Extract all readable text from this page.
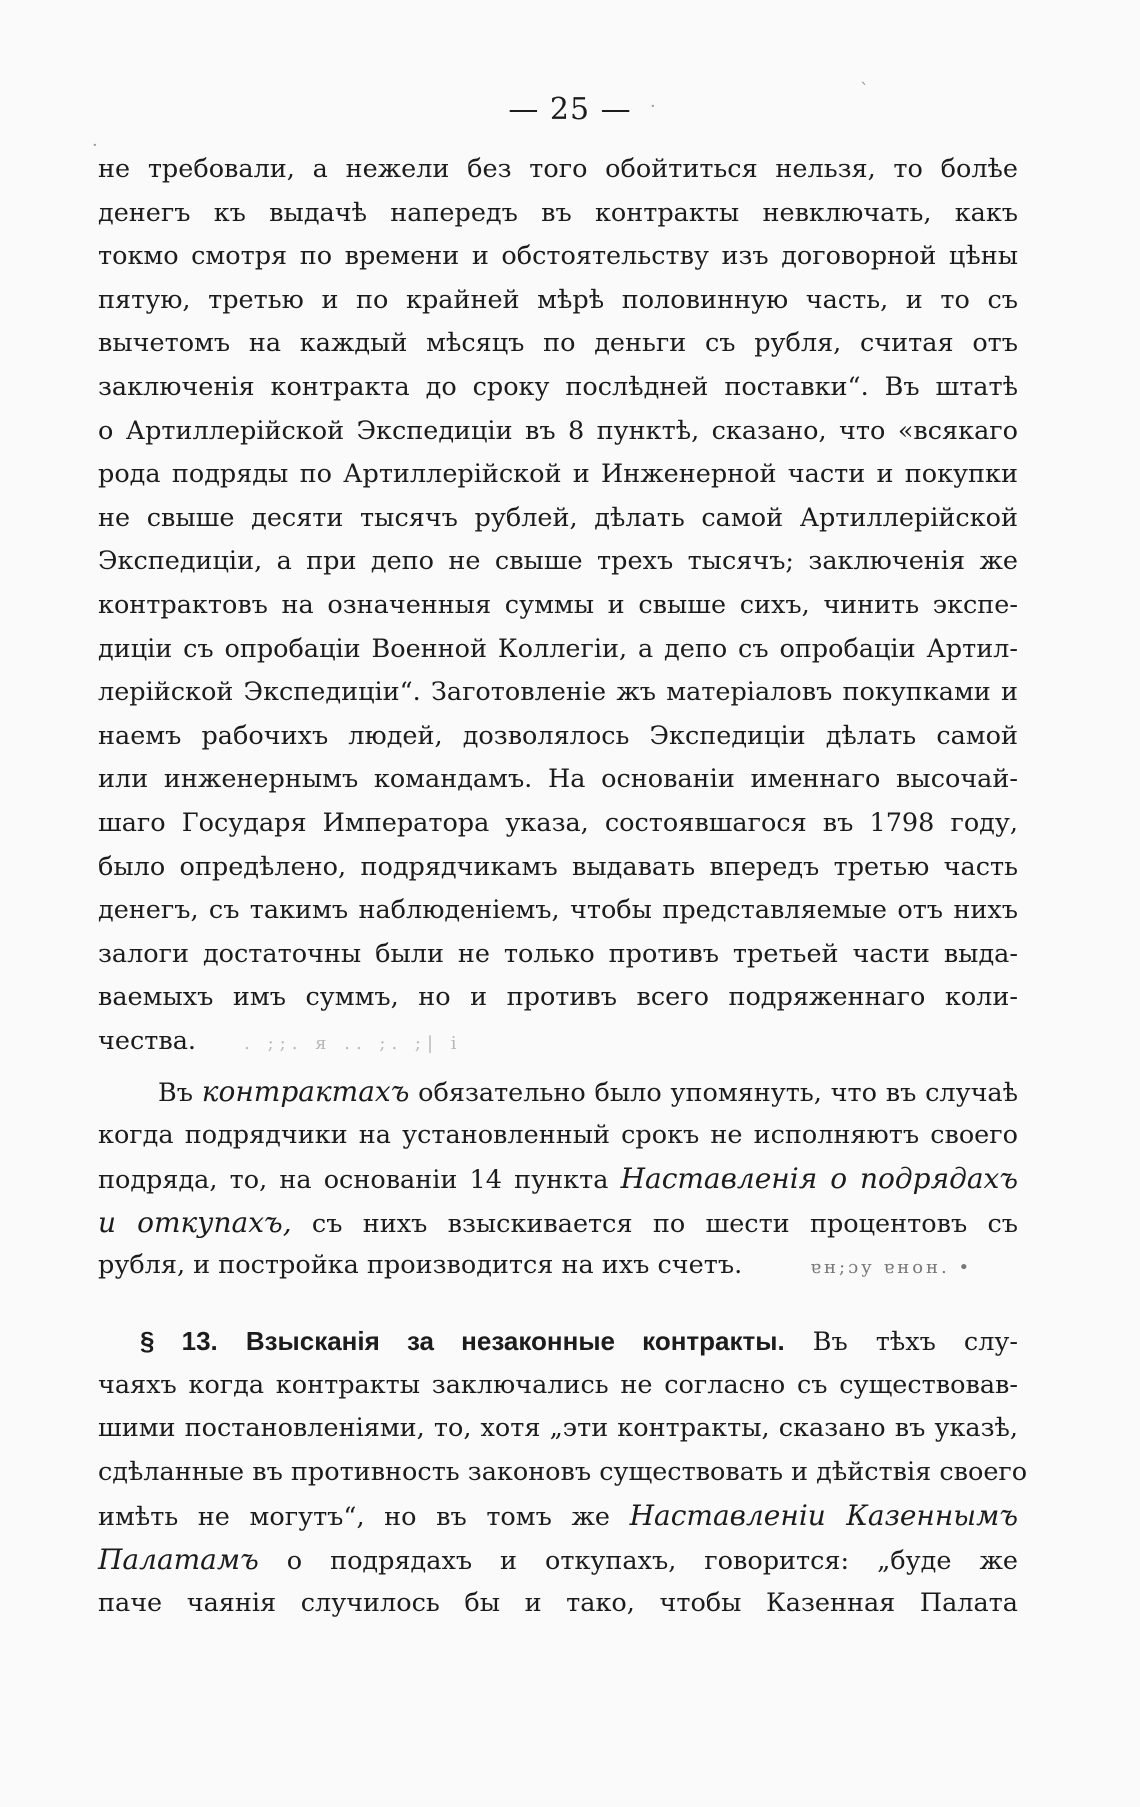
— 25 —
не требовали, а нежели без того обойтиться нельзя, то болѣе
денегъ къ выдачѣ напередъ въ контракты невключать, какъ
токмо смотря по времени и обстоятельству изъ договорной цѣны
пятую, третью и по крайней мѣрѣ половинную часть, и то съ
вычетомъ на каждый мѣсяцъ по деньги съ рубля, считая отъ
заключенія контракта до сроку послѣдней поставки“. Въ штатѣ
о Артиллерійской Экспедиціи въ 8 пунктѣ, сказано, что «всякаго
рода подряды по Артиллерійской и Инженерной части и покупки
не свыше десяти тысячъ рублей, дѣлать самой Артиллерійской
Экспедиціи, а при депо не свыше трехъ тысячъ; заключенія же
контрактовъ на означенныя суммы и свыше сихъ, чинить экспе-
диціи съ опробаціи Военной Коллегіи, а депо съ опробаціи Артил-
лерійской Экспедиціи“. Заготовленіе жъ матеріаловъ покупками и
наемъ рабочихъ людей, дозволялось Экспедиціи дѣлать самой
или инженернымъ командамъ. На основаніи именнаго высочай-
шаго Государя Императора указа, состоявшагося въ 1798 году,
было опредѣлено, подрядчикамъ выдавать впередъ третью часть
денегъ, съ такимъ наблюденіемъ, чтобы представляемые отъ нихъ
залоги достаточны были не только противъ третьей части выда-
ваемыхъ имъ суммъ, но и противъ всего подряженнаго коли-
чества.	. ;;. я .. ;. ;| і
Въ контрактахъ обязательно было упомянуть, что въ случаѣ
когда подрядчики на установленный срокъ не исполняютъ своего
подряда, то, на основаніи 14 пункта Наставленія о подрядахъ
и откупахъ, съ нихъ взыскивается по шести процентовъ съ
рубля, и постройка производится на ихъ счетъ.	ɐʜ;ɔу ɐнон. •
§ 13. Взысканія за незаконные контракты. Въ тѣхъ слу-
чаяхъ когда контракты заключались не согласно съ существовав-
шими постановленіями, то, хотя „эти контракты, сказано въ указѣ,
сдѣланные въ противность законовъ существовать и дѣйствія своего
имѣть не могутъ“, но въ томъ же Наставленіи Казеннымъ
Палатамъ о подрядахъ и откупахъ, говорится: „буде же
паче чаянія случилось бы и тако, чтобы Казенная Палата
·
ˋ
·
